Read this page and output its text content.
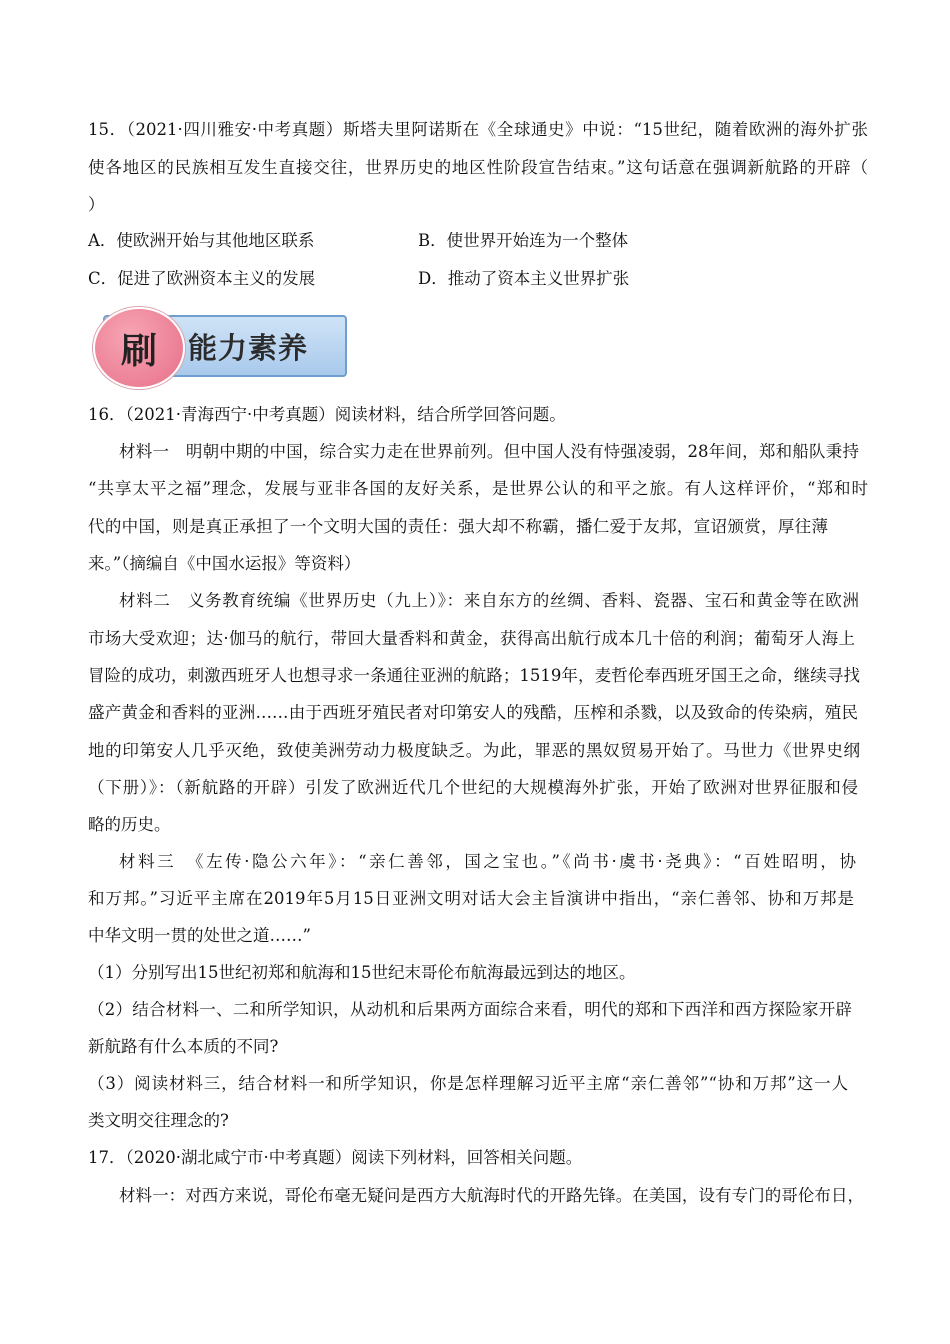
15．（2021·四川雅安·中考真题）斯塔夫里阿诺斯在《全球通史》中说：“15世纪，随着欧洲的海外扩张
使各地区的民族相互发生直接交往，世界历史的地区性阶段宣告结束。”这句话意在强调新航路的开辟（
）
A．使欧洲开始与其他地区联系	B．使世界开始连为一个整体
C．促进了欧洲资本主义的发展	D．推动了资本主义世界扩张
刷	能力素养
16．（2021·青海西宁·中考真题）阅读材料，结合所学回答问题。
材料一　明朝中期的中国，综合实力走在世界前列。但中国人没有恃强凌弱，28年间，郑和船队秉持
“共享太平之福”理念，发展与亚非各国的友好关系，是世界公认的和平之旅。有人这样评价，“郑和时
代的中国，则是真正承担了一个文明大国的责任：强大却不称霸，播仁爱于友邦，宣诏颁赏，厚往薄
来。”（摘编自《中国水运报》等资料）
材料二　义务教育统编《世界历史（九上）》：来自东方的丝绸、香料、瓷器、宝石和黄金等在欧洲
市场大受欢迎；达·伽马的航行，带回大量香料和黄金，获得高出航行成本几十倍的利润；葡萄牙人海上
冒险的成功，刺激西班牙人也想寻求一条通往亚洲的航路；1519年，麦哲伦奉西班牙国王之命，继续寻找
盛产黄金和香料的亚洲……由于西班牙殖民者对印第安人的残酷，压榨和杀戮，以及致命的传染病，殖民
地的印第安人几乎灭绝，致使美洲劳动力极度缺乏。为此，罪恶的黑奴贸易开始了。马世力《世界史纲
（下册）》：（新航路的开辟）引发了欧洲近代几个世纪的大规模海外扩张，开始了欧洲对世界征服和侵
略的历史。
材料三　《左传·隐公六年》：“亲仁善邻，国之宝也。”《尚书·虞书·尧典》：“百姓昭明，协
和万邦。”习近平主席在2019年5月15日亚洲文明对话大会主旨演讲中指出，“亲仁善邻、协和万邦是
中华文明一贯的处世之道……”
（1）分别写出15世纪初郑和航海和15世纪末哥伦布航海最远到达的地区。
（2）结合材料一、二和所学知识，从动机和后果两方面综合来看，明代的郑和下西洋和西方探险家开辟
新航路有什么本质的不同?
（3）阅读材料三，结合材料一和所学知识，你是怎样理解习近平主席“亲仁善邻”“协和万邦”这一人
类文明交往理念的?
17．（2020·湖北咸宁市·中考真题）阅读下列材料，回答相关问题。
材料一：对西方来说，哥伦布毫无疑问是西方大航海时代的开路先锋。在美国，设有专门的哥伦布日，
